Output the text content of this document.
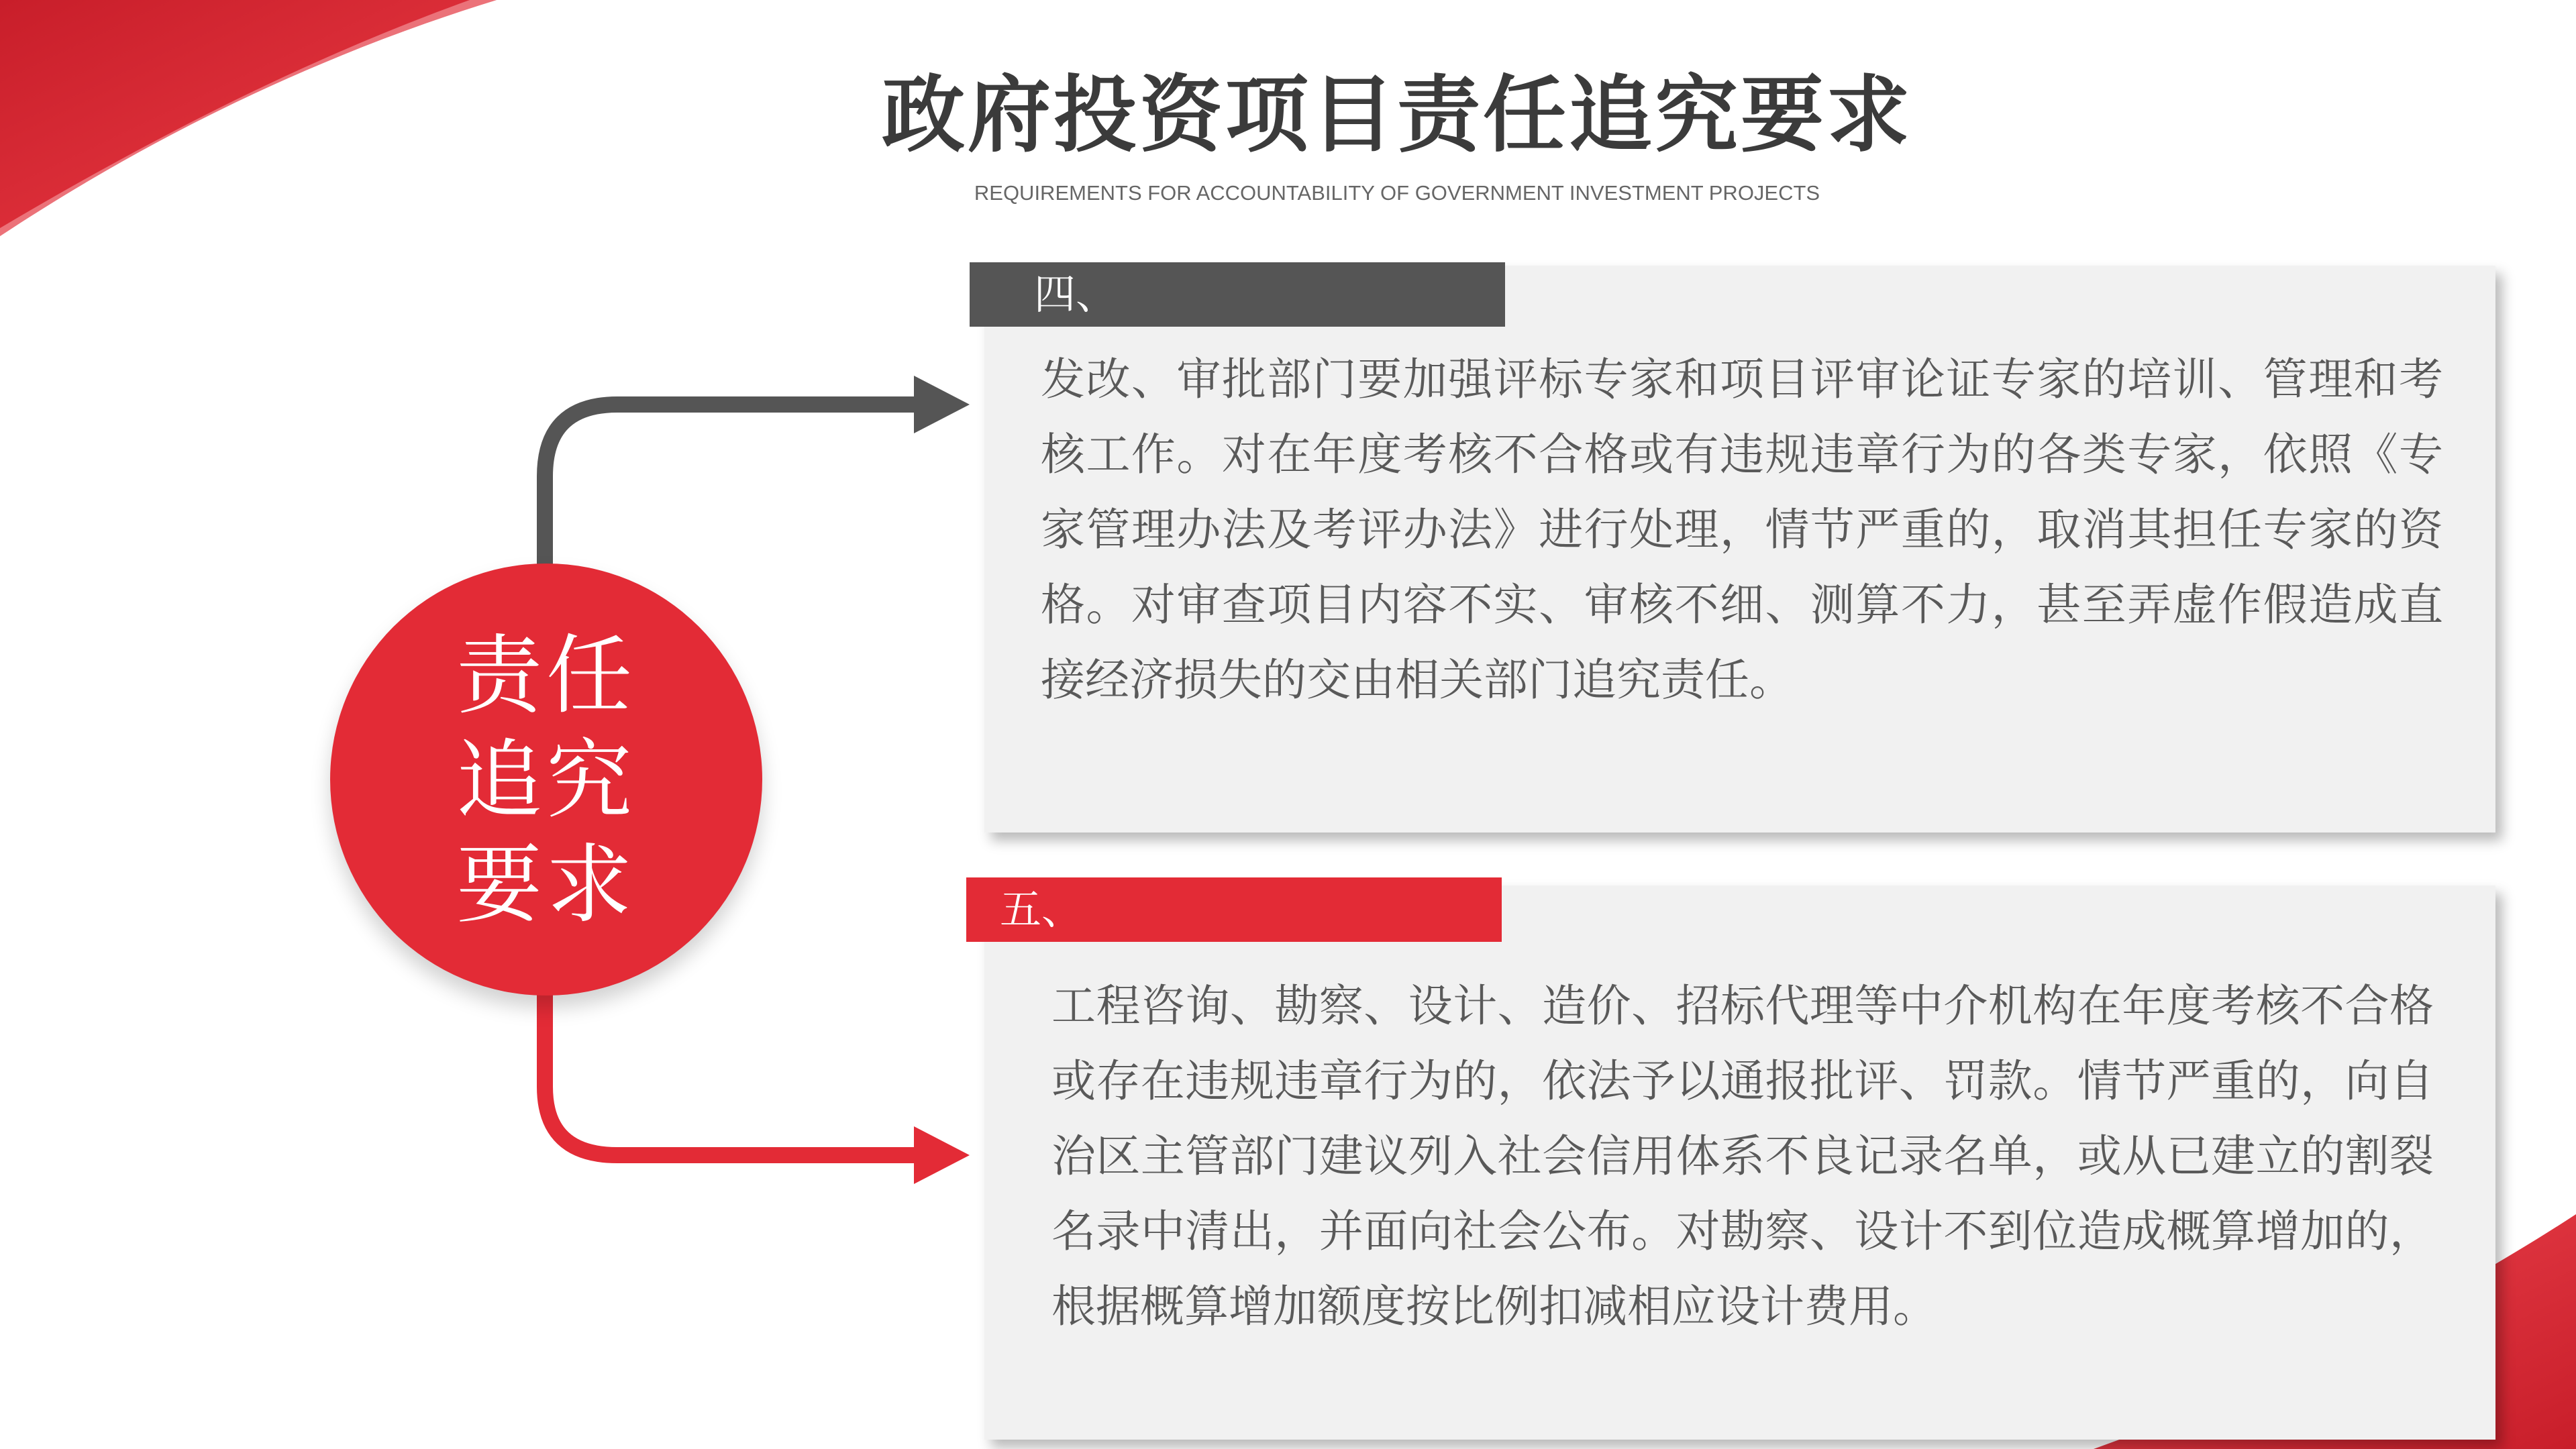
政府投资项目责任追究要求
REQUIREMENTS FOR ACCOUNTABILITY OF GOVERNMENT INVESTMENT PROJECTS
四、
发改、审批部门要加强评标专家和项目评审论证专家的培训、管理和考核工作。对在年度考核不合格或有违规违章行为的各类专家，依照《专家管理办法及考评办法》进行处理，情节严重的，取消其担任专家的资格。对审查项目内容不实、审核不细、测算不力，甚至弄虚作假造成直接经济损失的交由相关部门追究责任。
五、
工程咨询、勘察、设计、造价、招标代理等中介机构在年度考核不合格或存在违规违章行为的，依法予以通报批评、罚款。情节严重的，向自治区主管部门建议列入社会信用体系不良记录名单，或从已建立的割裂名录中清出，并面向社会公布。对勘察、设计不到位造成概算增加的，根据概算增加额度按比例扣减相应设计费用。
责任
追究
要求
